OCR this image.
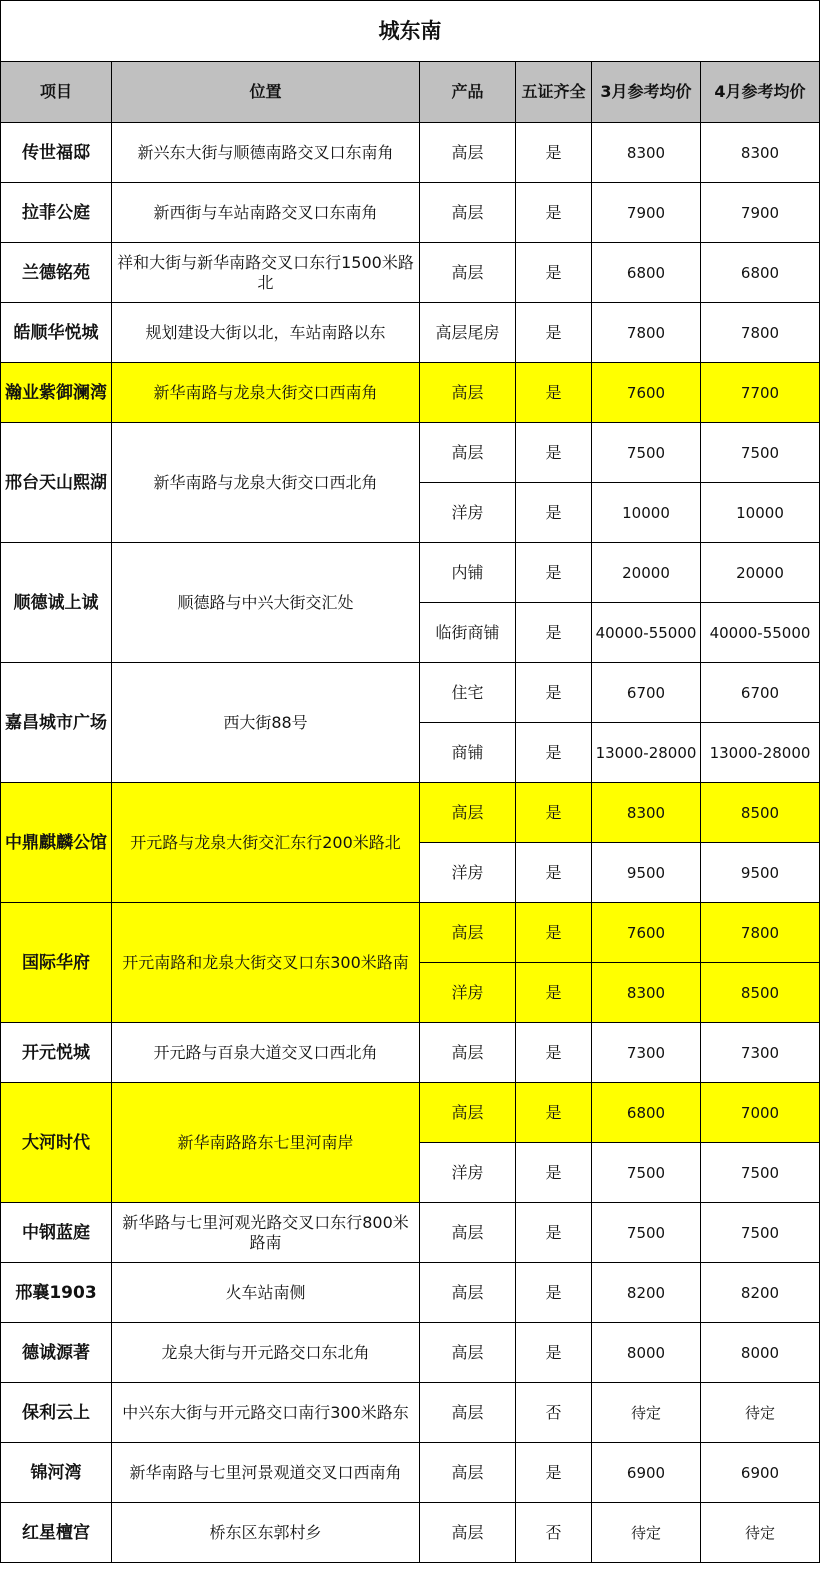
城东南					
项目	位置	产品	五证齐全	3月参考均价	4月参考均价
传世福邸	新兴东大街与顺德南路交叉口东南角	高层	是	8300	8300
拉菲公庭	新西街与车站南路交叉口东南角	高层	是	7900	7900
兰德铭苑	祥和大街与新华南路交叉口东行1500米路北	高层	是	6800	6800
皓顺华悦城	规划建设大街以北，车站南路以东	高层尾房	是	7800	7800
瀚业紫御澜湾	新华南路与龙泉大街交口西南角	高层	是	7600	7700
邢台天山熙湖	新华南路与龙泉大街交口西北角	高层	是	7500	7500
		洋房	是	10000	10000
顺德诚上诚	顺德路与中兴大街交汇处	内铺	是	20000	20000
		临街商铺	是	40000-55000	40000-55000
嘉昌城市广场	西大街88号	住宅	是	6700	6700
		商铺	是	13000-28000	13000-28000
中鼎麒麟公馆	开元路与龙泉大街交汇东行200米路北	高层	是	8300	8500
		洋房	是	9500	9500
国际华府	开元南路和龙泉大街交叉口东300米路南	高层	是	7600	7800
		洋房	是	8300	8500
开元悦城	开元路与百泉大道交叉口西北角	高层	是	7300	7300
大河时代	新华南路路东七里河南岸	高层	是	6800	7000
		洋房	是	7500	7500
中钢蓝庭	新华路与七里河观光路交叉口东行800米路南	高层	是	7500	7500
邢襄1903	火车站南侧	高层	是	8200	8200
德诚源著	龙泉大街与开元路交口东北角	高层	是	8000	8000
保利云上	中兴东大街与开元路交口南行300米路东	高层	否	待定	待定
锦河湾	新华南路与七里河景观道交叉口西南角	高层	是	6900	6900
红星檀宫	桥东区东郭村乡	高层	否	待定	待定
